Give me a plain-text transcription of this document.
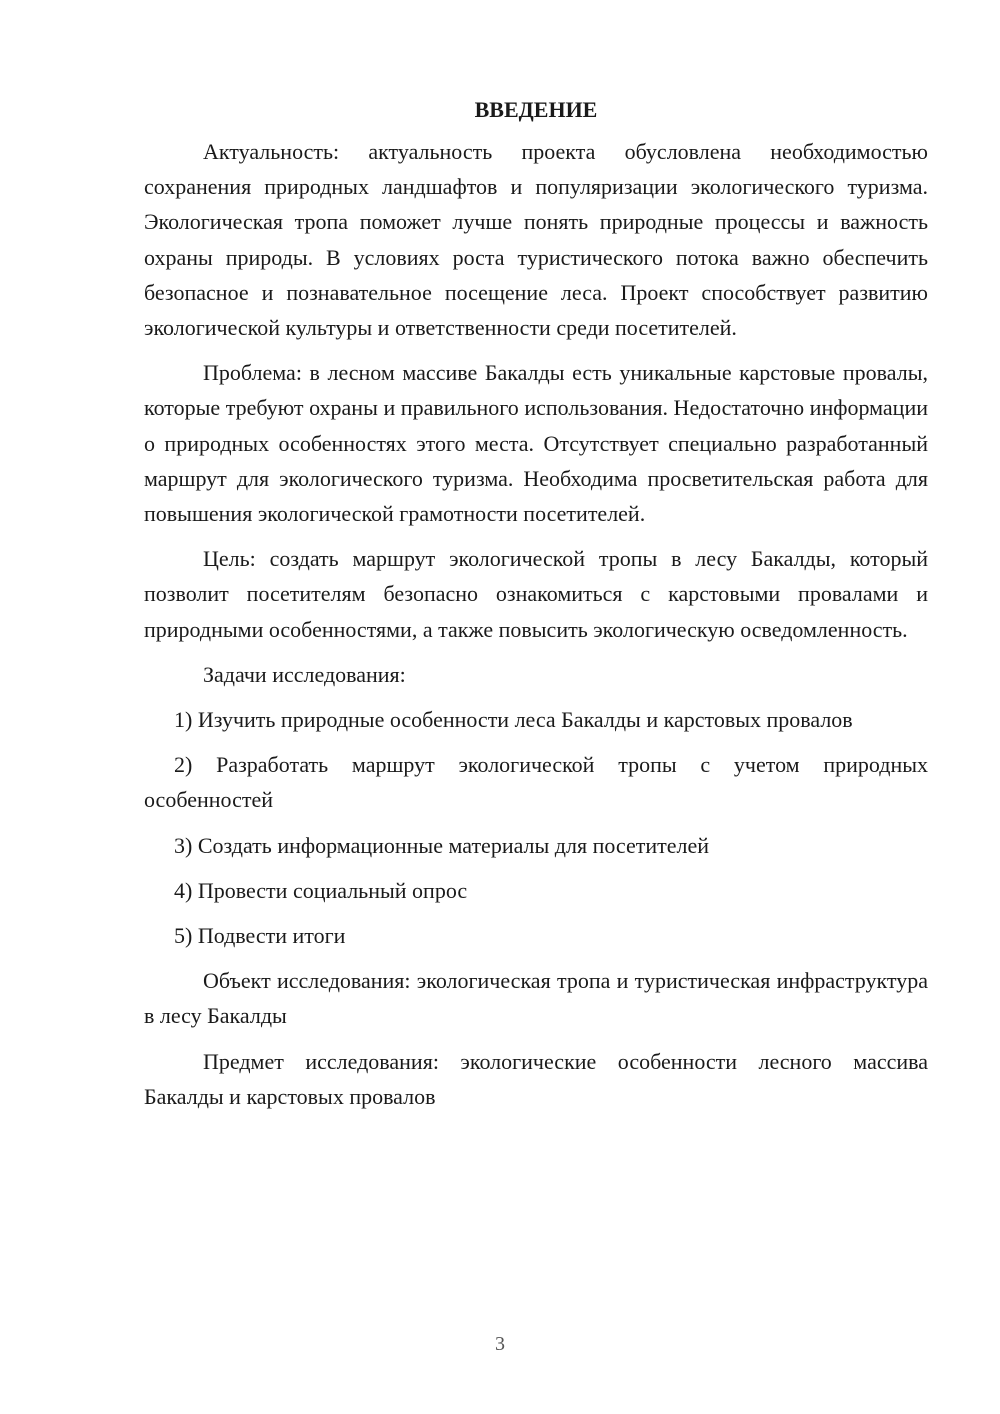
ВВЕДЕНИЕ

Актуальность: актуальность проекта обусловлена необходимостью сохранения природных ландшафтов и популяризации экологического туризма. Экологическая тропа поможет лучше понять природные процессы и важность охраны природы. В условиях роста туристического потока важно обеспечить безопасное и познавательное посещение леса. Проект способствует развитию экологической культуры и ответственности среди посетителей.

Проблема: в лесном массиве Бакалды есть уникальные карстовые провалы, которые требуют охраны и правильного использования. Недостаточно информации о природных особенностях этого места. Отсутствует специально разработанный маршрут для экологического туризма. Необходима просветительская работа для повышения экологической грамотности посетителей.

Цель: создать маршрут экологической тропы в лесу Бакалды, который позволит посетителям безопасно ознакомиться с карстовыми провалами и природными особенностями, а также повысить экологическую осведомленность.

Задачи исследования:

1) Изучить природные особенности леса Бакалды и карстовых провалов

2) Разработать маршрут экологической тропы с учетом природных особенностей

3) Создать информационные материалы для посетителей

4) Провести социальный опрос

5) Подвести итоги

Объект исследования: экологическая тропа и туристическая инфраструктура в лесу Бакалды

Предмет исследования: экологические особенности лесного массива Бакалды и карстовых провалов

3
